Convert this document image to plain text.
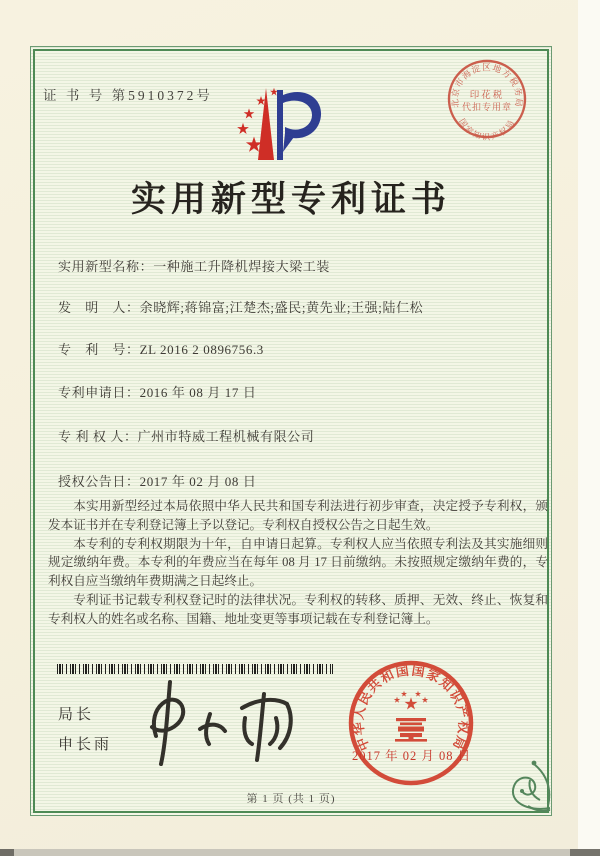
证 书 号 第5910372号
北京市海淀区地方税务局
国家知识产权局
印花税
代扣专用章
实用新型专利证书
实用新型名称：一种施工升降机焊接大梁工装
发　明　人：余晓辉;蒋锦富;江楚杰;盛民;黄先业;王强;陆仁松
专　利　号：ZL 2016 2 0896756.3
专利申请日：2016 年 08 月 17 日
专 利 权 人：广州市特威工程机械有限公司
授权公告日：2017 年 02 月 08 日

本实用新型经过本局依照中华人民共和国专利法进行初步审查，决定授予专利权，颁发本证书并在专利登记簿上予以登记。专利权自授权公告之日起生效。

本专利的专利权期限为十年，自申请日起算。专利权人应当依照专利法及其实施细则规定缴纳年费。本专利的年费应当在每年 08 月 17 日前缴纳。未按照规定缴纳年费的，专利权自应当缴纳年费期满之日起终止。

专利证书记载专利权登记时的法律状况。专利权的转移、质押、无效、终止、恢复和专利权人的姓名或名称、国籍、地址变更等事项记载在专利登记簿上。

局长
申长雨	中华人民共和国国家知识产权局
2017 年 02 月 08 日
第 1 页 (共 1 页)
